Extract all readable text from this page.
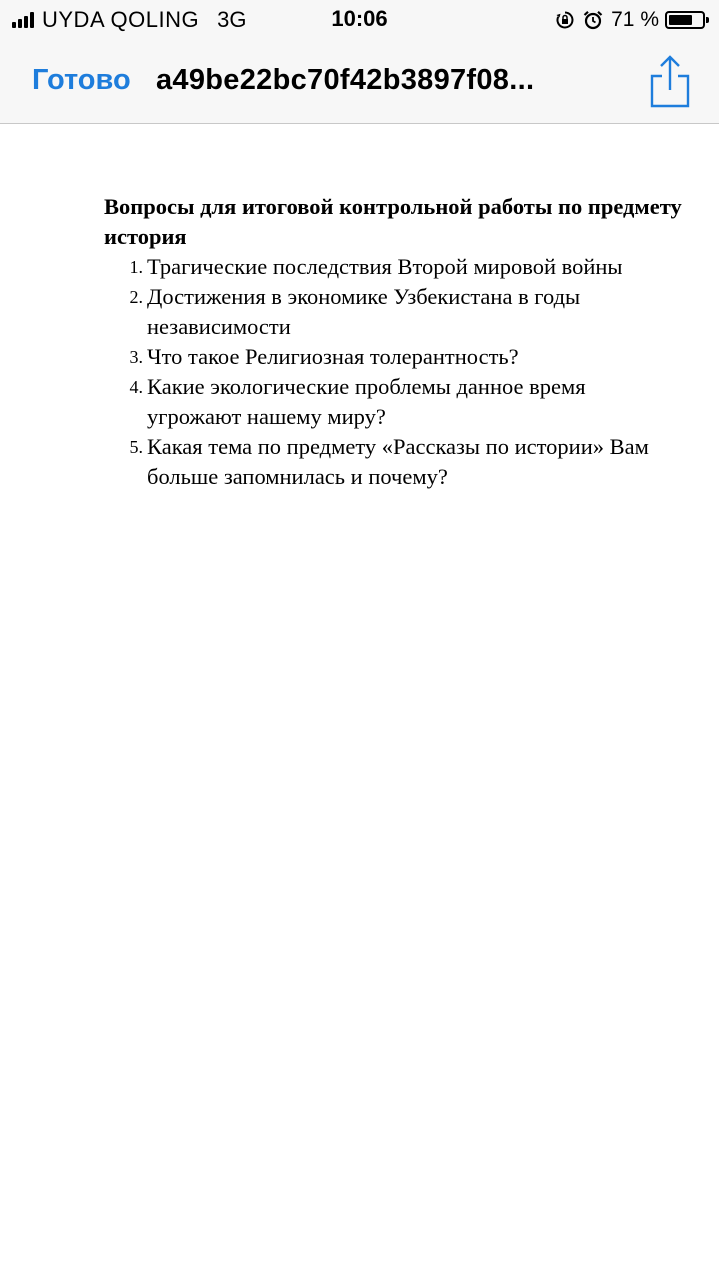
UYDA QOLING 3G	10:06	71 %
Готово a49be22bc70f42b3897f08...
Вопросы для итоговой контрольной работы по предмету история
1. Трагические последствия Второй мировой войны
2. Достижения в экономике Узбекистана в годы независимости
3. Что такое Религиозная толерантность?
4. Какие экологические проблемы данное время угрожают нашему миру?
5. Какая тема по предмету «Рассказы по истории» Вам больше запомнилась и почему?
